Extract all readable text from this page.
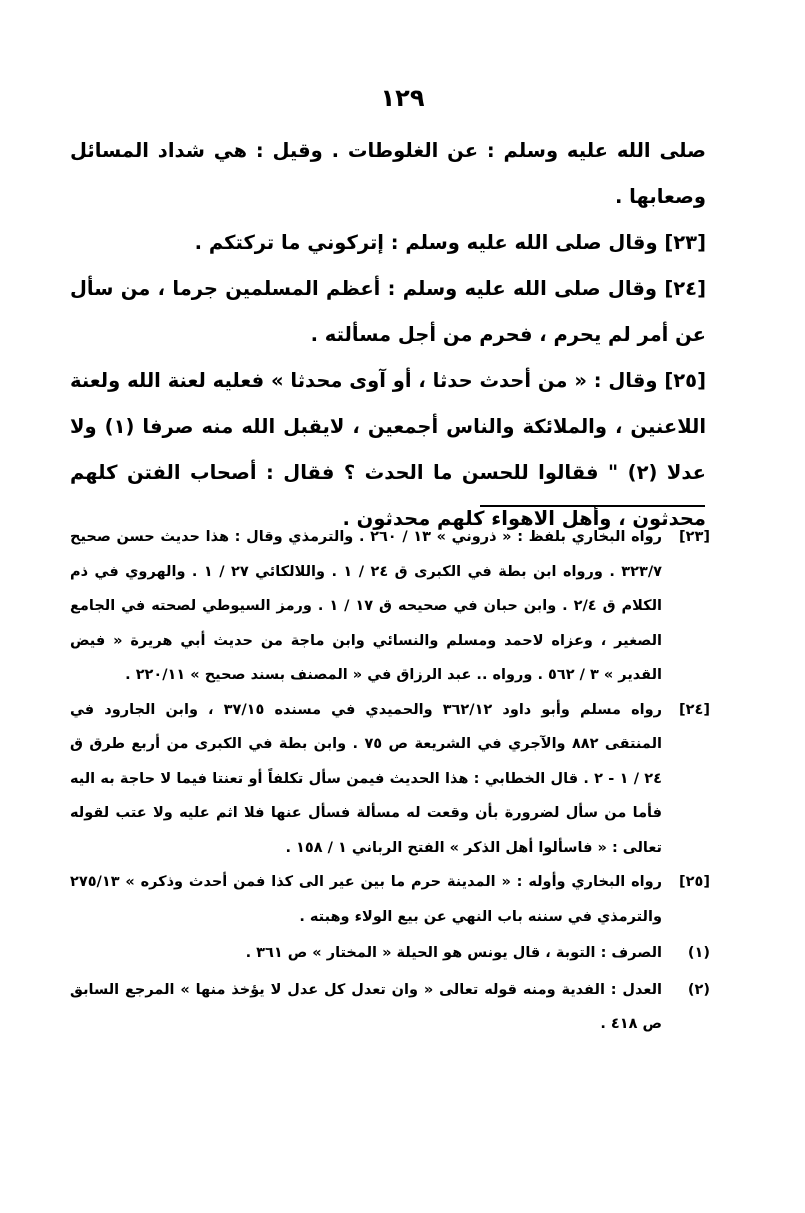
١٢٩

صلى الله عليه وسلم : عن الغلوطات . وقيل : هي شداد المسائل وصعابها .

[٢٣] وقال صلى الله عليه وسلم : إتركوني ما تركتكم .

[٢٤] وقال صلى الله عليه وسلم : أعظم المسلمين جرما ، من سأل عن أمر لم يحرم ، فحرم من أجل مسألته .

[٢٥] وقال : « من أحدث حدثا ، أو آوى محدثا » فعليه لعنة الله ولعنة اللاعنين ، والملائكة والناس أجمعين ، لايقبل الله منه صرفا (١) ولا عدلا (٢) " فقالوا للحسن ما الحدث ؟ فقال : أصحاب الفتن كلهم محدثون ، وأهل الاهواء كلهم محدثون .

[٢٣]
رواه البخاري بلفظ : « ذروني » ١٣ / ٢٦٠ . والترمذي وقال : هذا حديث حسن صحيح ٣٢٣/٧ . ورواه ابن بطة في الكبرى ق ٢٤ / ١ . واللالكائي ٢٧ / ١ . والهروي في ذم الكلام ق ٢/٤ . وابن حبان في صحيحه ق ١٧ / ١ . ورمز السيوطي لصحته في الجامع الصغير ، وعزاه لاحمد ومسلم والنسائي وابن ماجة من حديث أبي هريرة « فيض القدير » ٣ / ٥٦٢ . ورواه .. عبد الرزاق في « المصنف بسند صحيح » ٢٢٠/١١ .

[٢٤]
رواه مسلم وأبو داود ٣٦٢/١٢ والحميدي في مسنده ٣٧/١٥ ، وابن الجارود في المنتقى ٨٨٢ والآجري في الشريعة ص ٧٥ . وابن بطة في الكبرى من أربع طرق ق ٢٤ / ١ - ٢ . قال الخطابي : هذا الحديث فيمن سأل تكلفاً أو تعنتا فيما لا حاجة به اليه فأما من سأل لضرورة بأن وقعت له مسألة فسأل عنها فلا اثم عليه ولا عتب لقوله تعالى : « فاسألوا أهل الذكر » الفتح الرباني ١ / ١٥٨ .

[٢٥]
رواه البخاري وأوله : « المدينة حرم ما بين عير الى كذا فمن أحدث وذكره » ٢٧٥/١٣ والترمذي في سننه باب النهي عن بيع الولاء وهبته .

(١)
الصرف : التوبة ، قال يونس هو الحيلة « المختار » ص ٣٦١ .

(٢)
العدل : الفدية ومنه قوله تعالى « وان تعدل كل عدل لا يؤخذ منها » المرجع السابق ص ٤١٨ .
